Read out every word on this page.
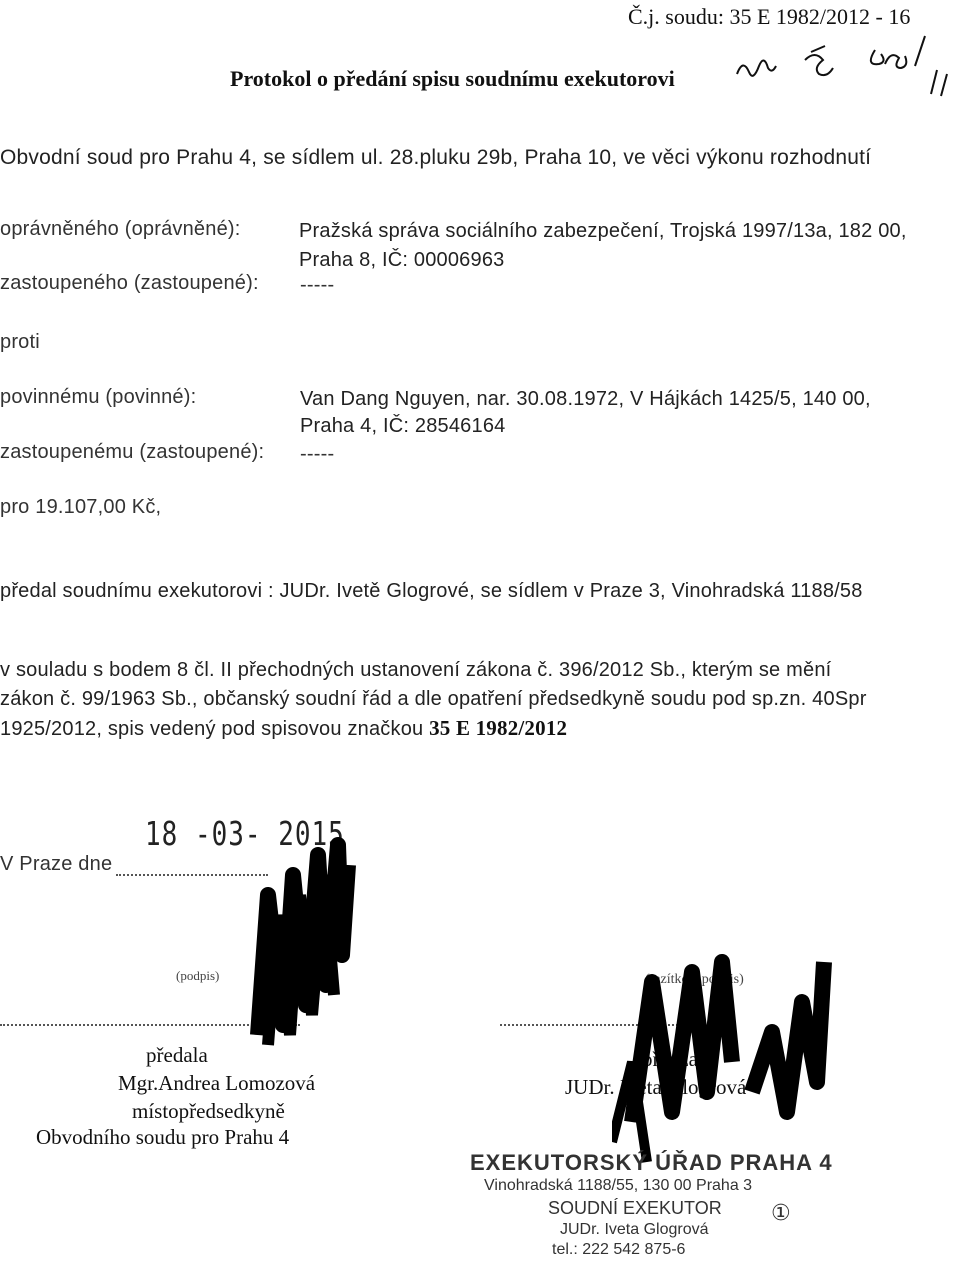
Č.j. soudu: 35 E 1982/2012 - 16
Protokol o předání spisu soudnímu exekutorovi
Obvodní soud pro Prahu 4, se sídlem ul. 28.pluku 29b, Praha 10, ve věci výkonu rozhodnutí
oprávněného (oprávněné):	Pražská správa sociálního zabezpečení, Trojská 1997/13a, 182 00,
Praha 8, IČ: 00006963
zastoupeného (zastoupené): -----
proti
povinnému (povinné):	Van Dang Nguyen, nar. 30.08.1972, V Hájkách 1425/5, 140 00,
Praha 4, IČ: 28546164
zastoupenému (zastoupené): -----
pro 19.107,00 Kč,
předal soudnímu exekutorovi : JUDr. Ivetě Glogrové, se sídlem v Praze 3, Vinohradská 1188/58
v souladu s bodem 8 čl. II přechodných ustanovení zákona č. 396/2012 Sb., kterým se mění
zákon č. 99/1963 Sb., občanský soudní řád a dle opatření předsedkyně soudu pod sp.zn. 40Spr
1925/2012, spis vedený pod spisovou značkou 35 E 1982/2012
V Praze dne
18 -03- 2015
(podpis)	(razítko a podpis)
předala
Mgr.Andrea Lomozová
místopředsedkyně
Obvodního soudu pro Prahu 4
převzala
JUDr. Iveta Glogrová
EXEKUTORSKÝ ÚŘAD PRAHA 4
Vinohradská 1188/55, 130 00 Praha 3
SOUDNÍ EXEKUTOR ①
JUDr. Iveta Glogrová
tel.: 222 542 875-6
